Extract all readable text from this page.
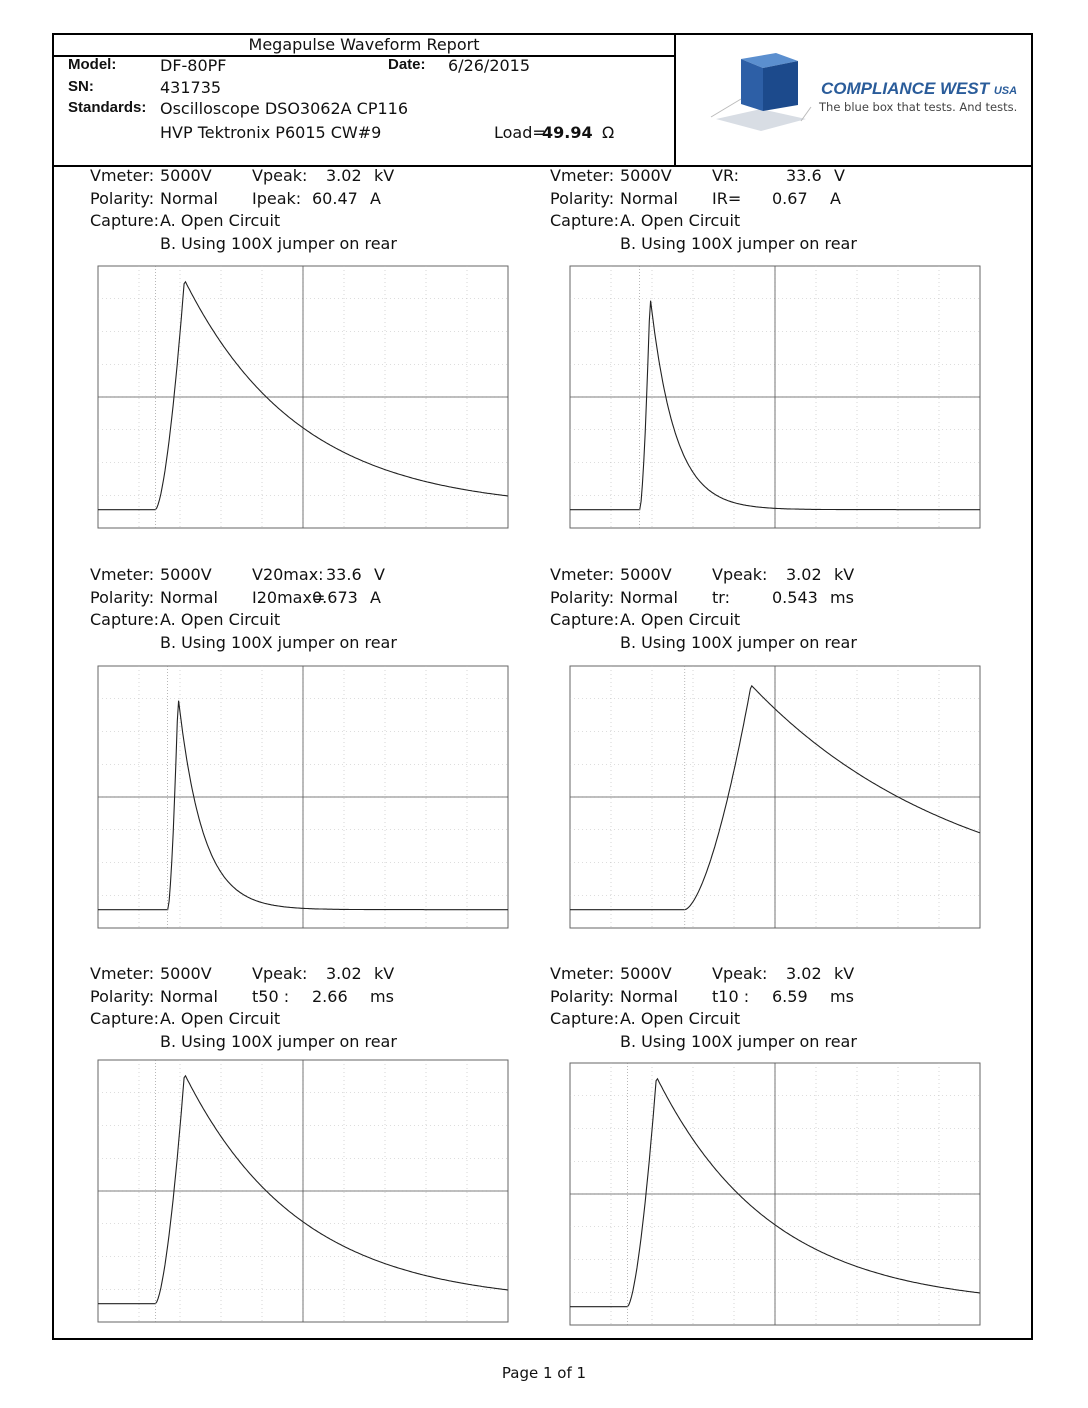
Megapulse Waveform Report
Model:	DF-80PF	Date: 6/26/2015
SN:	431735
Standards: Oscilloscope DSO3062A CP116
HVP Tektronix P6015 CW#9	Load=
49.94 Ω
COMPLIANCE WEST USA
The blue box that tests. And tests.
Vmeter: 5000V	Vpeak: 3.02 kV
Polarity: Normal Ipeak: 60.47 A
Capture: A. Open Circuit
B. Using 100X jumper on rear
Vmeter: 5000V	VR:	33.6 V
Polarity: Normal IR= 0.67 A
Capture: A. Open Circuit
B. Using 100X jumper on rear
Vmeter: 5000V	V20max: 33.6 V
Polarity: Normal I20max=
0.673 A
Capture: A. Open Circuit
B. Using 100X jumper on rear
Vmeter: 5000V	Vpeak: 3.02 kV
Polarity: Normal tr:	0.543 ms
Capture: A. Open Circuit
B. Using 100X jumper on rear
Vmeter: 5000V	Vpeak: 3.02 kV
Polarity: Normal t50 : 2.66 ms
Capture: A. Open Circuit
B. Using 100X jumper on rear
Vmeter: 5000V	Vpeak: 3.02 kV
Polarity: Normal t10 : 6.59 ms
Capture: A. Open Circuit
B. Using 100X jumper on rear
Page 1 of 1
